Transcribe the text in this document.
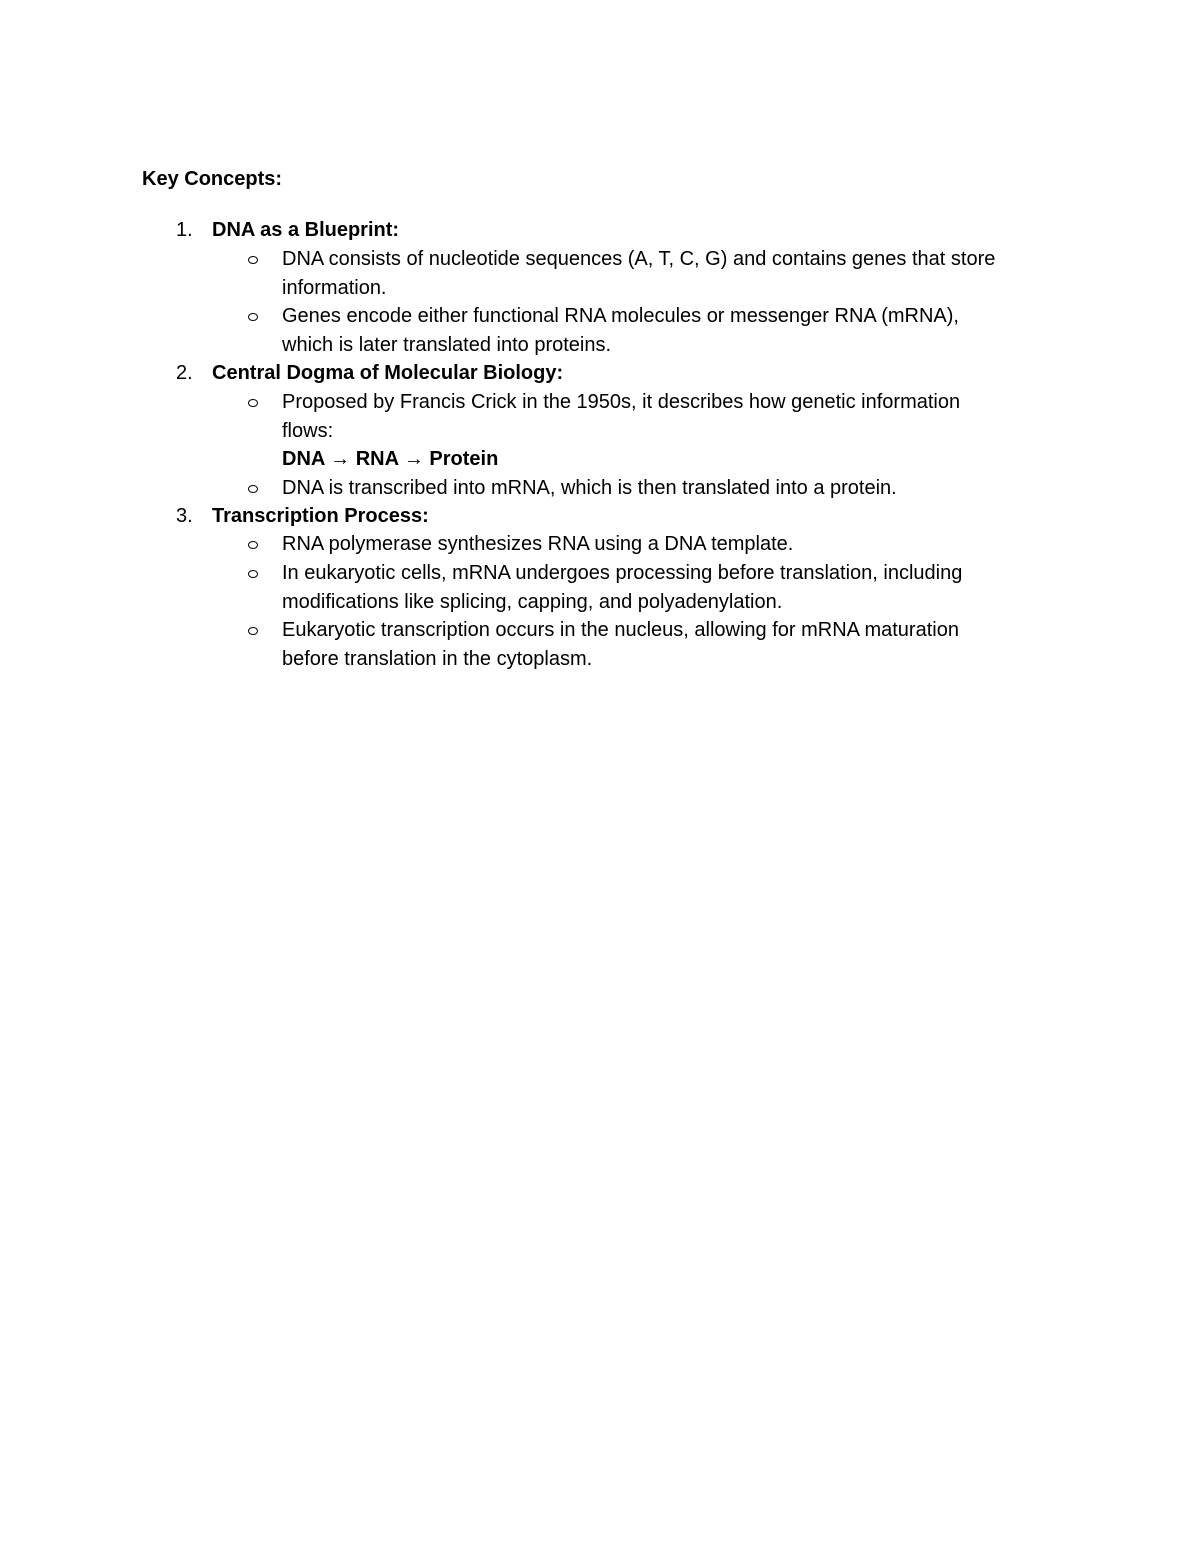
Key Concepts:
1. DNA as a Blueprint:
DNA consists of nucleotide sequences (A, T, C, G) and contains genes that store
information.
Genes encode either functional RNA molecules or messenger RNA (mRNA),
which is later translated into proteins.
2. Central Dogma of Molecular Biology:
Proposed by Francis Crick in the 1950s, it describes how genetic information
flows:
DNA → RNA → Protein
DNA is transcribed into mRNA, which is then translated into a protein.
3. Transcription Process:
RNA polymerase synthesizes RNA using a DNA template.
In eukaryotic cells, mRNA undergoes processing before translation, including
modifications like splicing, capping, and polyadenylation.
Eukaryotic transcription occurs in the nucleus, allowing for mRNA maturation
before translation in the cytoplasm.
